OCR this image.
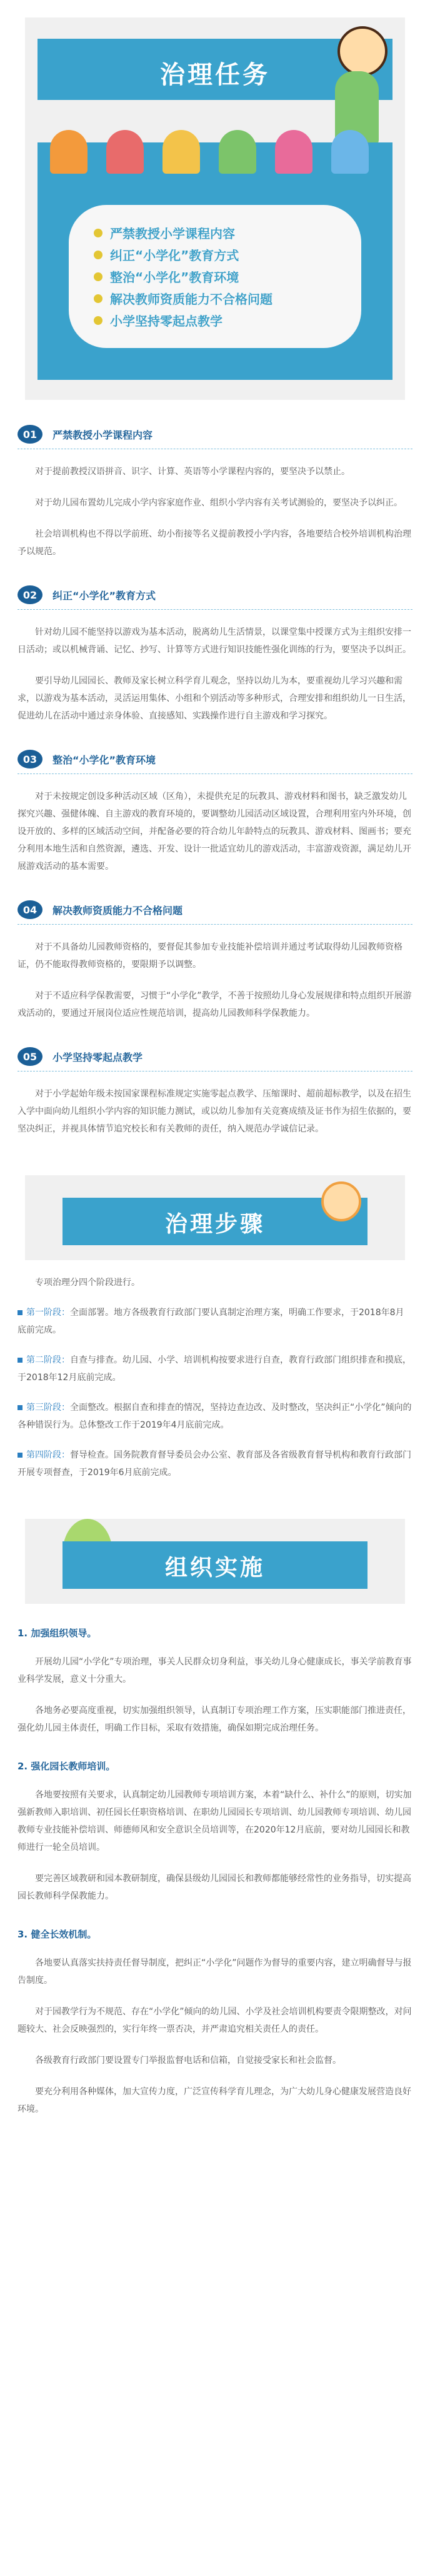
治理任务
严禁教授小学课程内容
纠正“小学化”教育方式
整治“小学化”教育环境
解决教师资质能力不合格问题
小学坚持零起点教学
01	严禁教授小学课程内容

对于提前教授汉语拼音、识字、计算、英语等小学课程内容的，要坚决予以禁止。

对于幼儿园布置幼儿完成小学内容家庭作业、组织小学内容有关考试测验的，要坚决予以纠正。

社会培训机构也不得以学前班、幼小衔接等名义提前教授小学内容，各地要结合校外培训机构治理予以规范。

02	纠正“小学化”教育方式

针对幼儿园不能坚持以游戏为基本活动，脱离幼儿生活情景，以课堂集中授课方式为主组织安排一日活动；或以机械背诵、记忆、抄写、计算等方式进行知识技能性强化训练的行为，要坚决予以纠正。

要引导幼儿园园长、教师及家长树立科学育儿观念，坚持以幼儿为本，要重视幼儿学习兴趣和需求，以游戏为基本活动，灵活运用集体、小组和个别活动等多种形式，合理安排和组织幼儿一日生活，促进幼儿在活动中通过亲身体验、直接感知、实践操作进行自主游戏和学习探究。

03	整治“小学化”教育环境

对于未按规定创设多种活动区域（区角），未提供充足的玩教具、游戏材料和图书，缺乏激发幼儿探究兴趣、强健体魄、自主游戏的教育环境的，要调整幼儿园活动区域设置，合理利用室内外环境，创设开放的、多样的区域活动空间，并配备必要的符合幼儿年龄特点的玩教具、游戏材料、图画书；要充分利用本地生活和自然资源，遴选、开发、设计一批适宜幼儿的游戏活动，丰富游戏资源，满足幼儿开展游戏活动的基本需要。

04	解决教师资质能力不合格问题

对于不具备幼儿园教师资格的，要督促其参加专业技能补偿培训并通过考试取得幼儿园教师资格证，仍不能取得教师资格的，要限期予以调整。

对于不适应科学保教需要，习惯于“小学化”教学，不善于按照幼儿身心发展规律和特点组织开展游戏活动的，要通过开展岗位适应性规范培训，提高幼儿园教师科学保教能力。

05	小学坚持零起点教学

对于小学起始年级未按国家课程标准规定实施零起点教学、压缩课时、超前超标教学，以及在招生入学中面向幼儿组织小学内容的知识能力测试，或以幼儿参加有关竞赛成绩及证书作为招生依据的，要坚决纠正，并视具体情节追究校长和有关教师的责任，纳入规范办学诚信记录。

治理步骤

专项治理分四个阶段进行。

第一阶段：全面部署。地方各级教育行政部门要认真制定治理方案，明确工作要求，于2018年8月底前完成。

第二阶段：自查与排查。幼儿园、小学、培训机构按要求进行自查，教育行政部门组织排查和摸底，于2018年12月底前完成。

第三阶段：全面整改。根据自查和排查的情况，坚持边查边改、及时整改，坚决纠正“小学化”倾向的各种错误行为。总体整改工作于2019年4月底前完成。

第四阶段：督导检查。国务院教育督导委员会办公室、教育部及各省级教育督导机构和教育行政部门开展专项督查，于2019年6月底前完成。

组织实施
1. 加强组织领导。

开展幼儿园“小学化”专项治理，事关人民群众切身利益，事关幼儿身心健康成长，事关学前教育事业科学发展，意义十分重大。

各地务必要高度重视，切实加强组织领导，认真制订专项治理工作方案，压实职能部门推进责任，强化幼儿园主体责任，明确工作目标，采取有效措施，确保如期完成治理任务。

2. 强化园长教师培训。

各地要按照有关要求，认真制定幼儿园教师专项培训方案，本着“缺什么、补什么”的原则，切实加强新教师入职培训、初任园长任职资格培训、在职幼儿园园长专项培训、幼儿园教师专项培训、幼儿园教师专业技能补偿培训、师德师风和安全意识全员培训等，在2020年12月底前，要对幼儿园园长和教师进行一轮全员培训。

要完善区域教研和园本教研制度，确保县级幼儿园园长和教师都能够经常性的业务指导，切实提高园长教师科学保教能力。

3. 健全长效机制。

各地要认真落实扶持责任督导制度，把纠正“小学化”问题作为督导的重要内容，建立明确督导与报告制度。

对于园教学行为不规范、存在“小学化”倾向的幼儿园、小学及社会培训机构要责令限期整改，对问题较大、社会反映强烈的，实行年终一票否决，并严肃追究相关责任人的责任。

各级教育行政部门要设置专门举报监督电话和信箱，自觉接受家长和社会监督。

要充分利用各种媒体，加大宣传力度，广泛宣传科学育儿理念，为广大幼儿身心健康发展营造良好环境。
